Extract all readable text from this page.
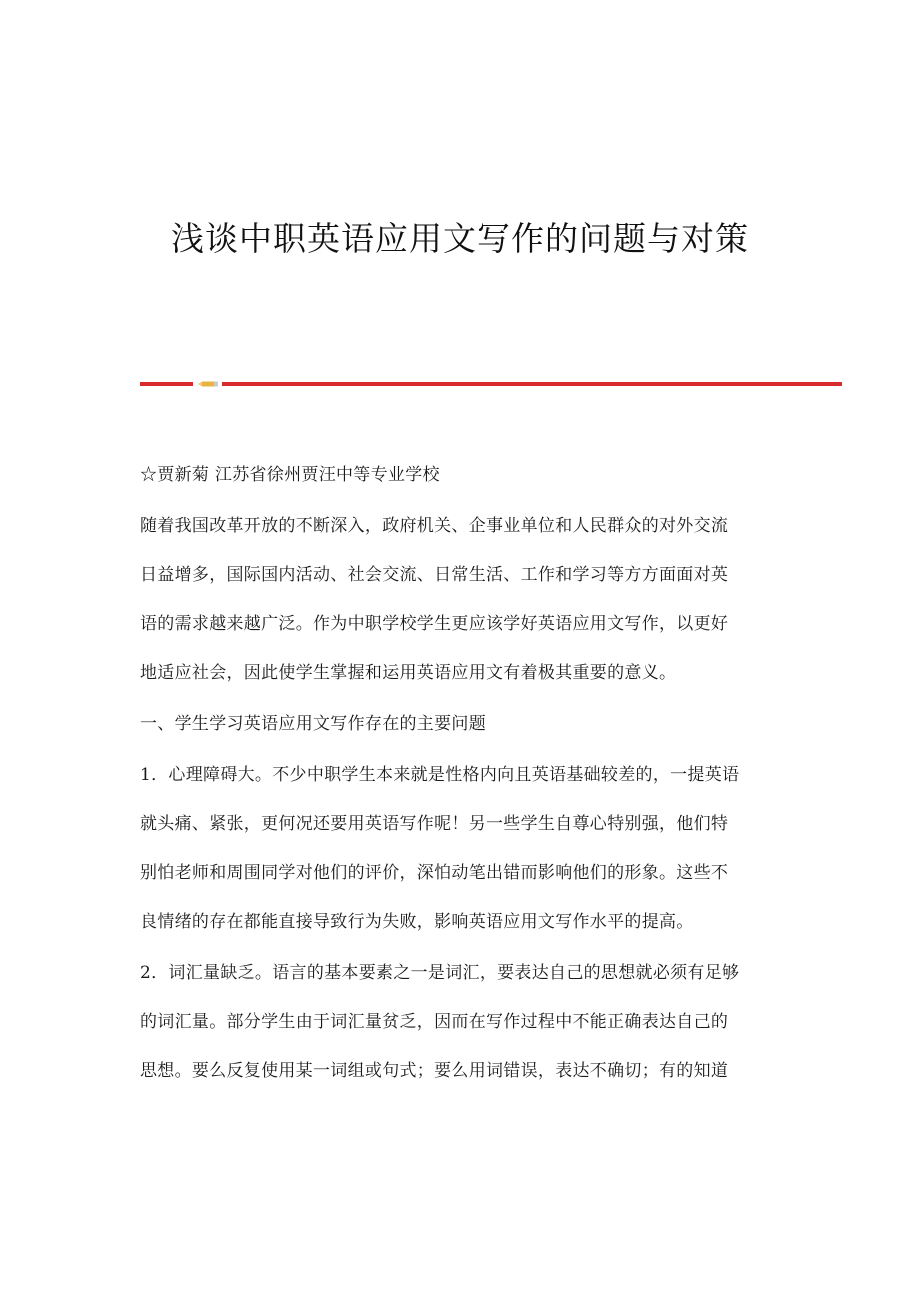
浅谈中职英语应用文写作的问题与对策
☆贾新菊 江苏省徐州贾汪中等专业学校
随着我国改革开放的不断深入，政府机关、企事业单位和人民群众的对外交流
日益增多，国际国内活动、社会交流、日常生活、工作和学习等方方面面对英
语的需求越来越广泛。作为中职学校学生更应该学好英语应用文写作，以更好
地适应社会，因此使学生掌握和运用英语应用文有着极其重要的意义。
一、学生学习英语应用文写作存在的主要问题
1．心理障碍大。不少中职学生本来就是性格内向且英语基础较差的，一提英语
就头痛、紧张，更何况还要用英语写作呢！另一些学生自尊心特别强，他们特
别怕老师和周围同学对他们的评价，深怕动笔出错而影响他们的形象。这些不
良情绪的存在都能直接导致行为失败，影响英语应用文写作水平的提高。
2．词汇量缺乏。语言的基本要素之一是词汇，要表达自己的思想就必须有足够
的词汇量。部分学生由于词汇量贫乏，因而在写作过程中不能正确表达自己的
思想。要么反复使用某一词组或句式；要么用词错误，表达不确切；有的知道
